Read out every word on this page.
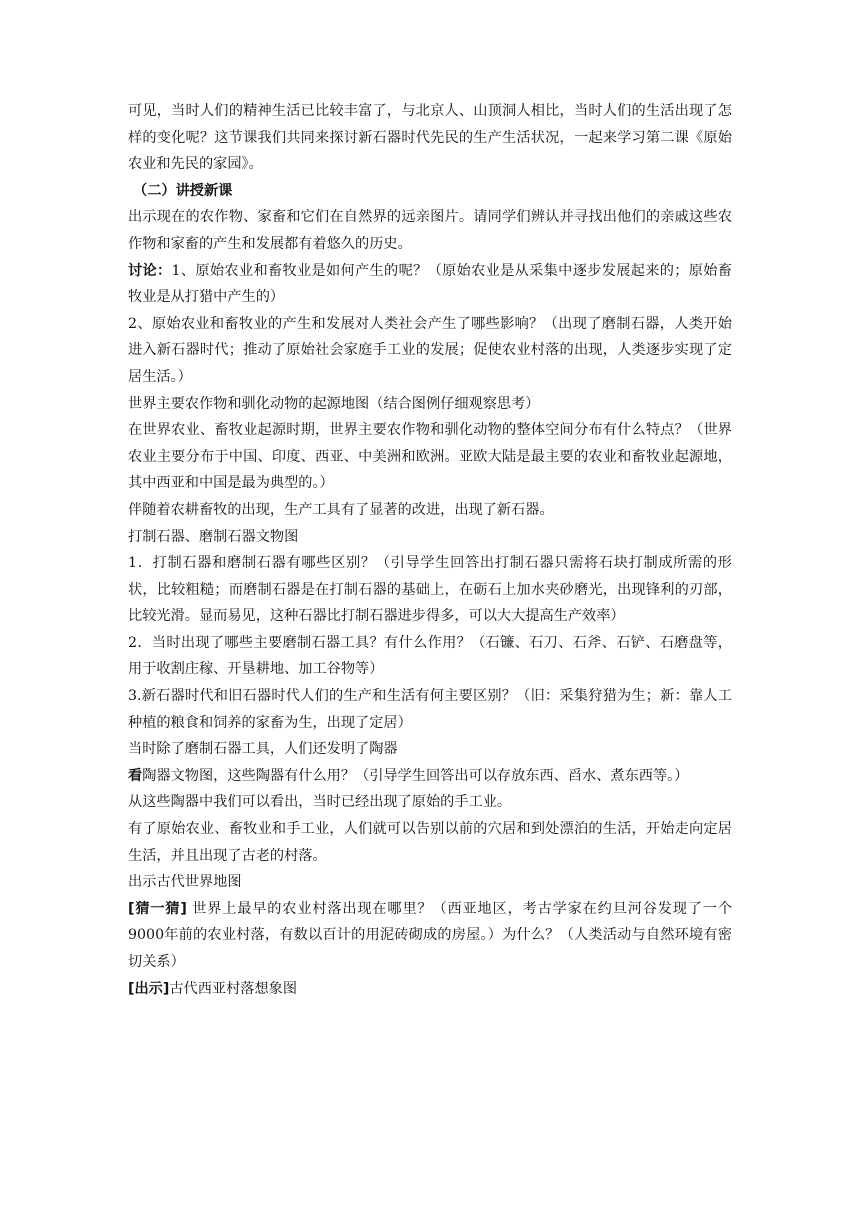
可见，当时人们的精神生活已比较丰富了，与北京人、山顶洞人相比，当时人们的生活出现了怎样的变化呢？这节课我们共同来探讨新石器时代先民的生产生活状况，一起来学习第二课《原始农业和先民的家园》。

（二）讲授新课

出示现在的农作物、家畜和它们在自然界的远亲图片。请同学们辨认并寻找出他们的亲戚这些农作物和家畜的产生和发展都有着悠久的历史。

讨论：1、原始农业和畜牧业是如何产生的呢？（原始农业是从采集中逐步发展起来的；原始畜牧业是从打猎中产生的）

2、原始农业和畜牧业的产生和发展对人类社会产生了哪些影响？（出现了磨制石器，人类开始进入新石器时代；推动了原始社会家庭手工业的发展；促使农业村落的出现，人类逐步实现了定居生活。）

世界主要农作物和驯化动物的起源地图（结合图例仔细观察思考）

在世界农业、畜牧业起源时期，世界主要农作物和驯化动物的整体空间分布有什么特点？（世界农业主要分布于中国、印度、西亚、中美洲和欧洲。亚欧大陆是最主要的农业和畜牧业起源地，其中西亚和中国是最为典型的。）

伴随着农耕畜牧的出现，生产工具有了显著的改进，出现了新石器。

打制石器、磨制石器文物图

1．打制石器和磨制石器有哪些区别？（引导学生回答出打制石器只需将石块打制成所需的形状，比较粗糙；而磨制石器是在打制石器的基础上，在砺石上加水夹砂磨光，出现锋利的刃部，比较光滑。显而易见，这种石器比打制石器进步得多，可以大大提高生产效率）

2．当时出现了哪些主要磨制石器工具？有什么作用？（石镰、石刀、石斧、石铲、石磨盘等，用于收割庄稼、开垦耕地、加工谷物等）

3.新石器时代和旧石器时代人们的生产和生活有何主要区别？（旧：采集狩猎为生；新：靠人工种植的粮食和饲养的家畜为生，出现了定居）

当时除了磨制石器工具，人们还发明了陶器

看陶器文物图，这些陶器有什么用？（引导学生回答出可以存放东西、舀水、煮东西等。）

从这些陶器中我们可以看出，当时已经出现了原始的手工业。

有了原始农业、畜牧业和手工业，人们就可以告别以前的穴居和到处漂泊的生活，开始走向定居生活，并且出现了古老的村落。

出示古代世界地图

[猜一猜] 世界上最早的农业村落出现在哪里？（西亚地区，考古学家在约旦河谷发现了一个9000年前的农业村落，有数以百计的用泥砖砌成的房屋。）为什么？（人类活动与自然环境有密切关系）

[出示]古代西亚村落想象图
